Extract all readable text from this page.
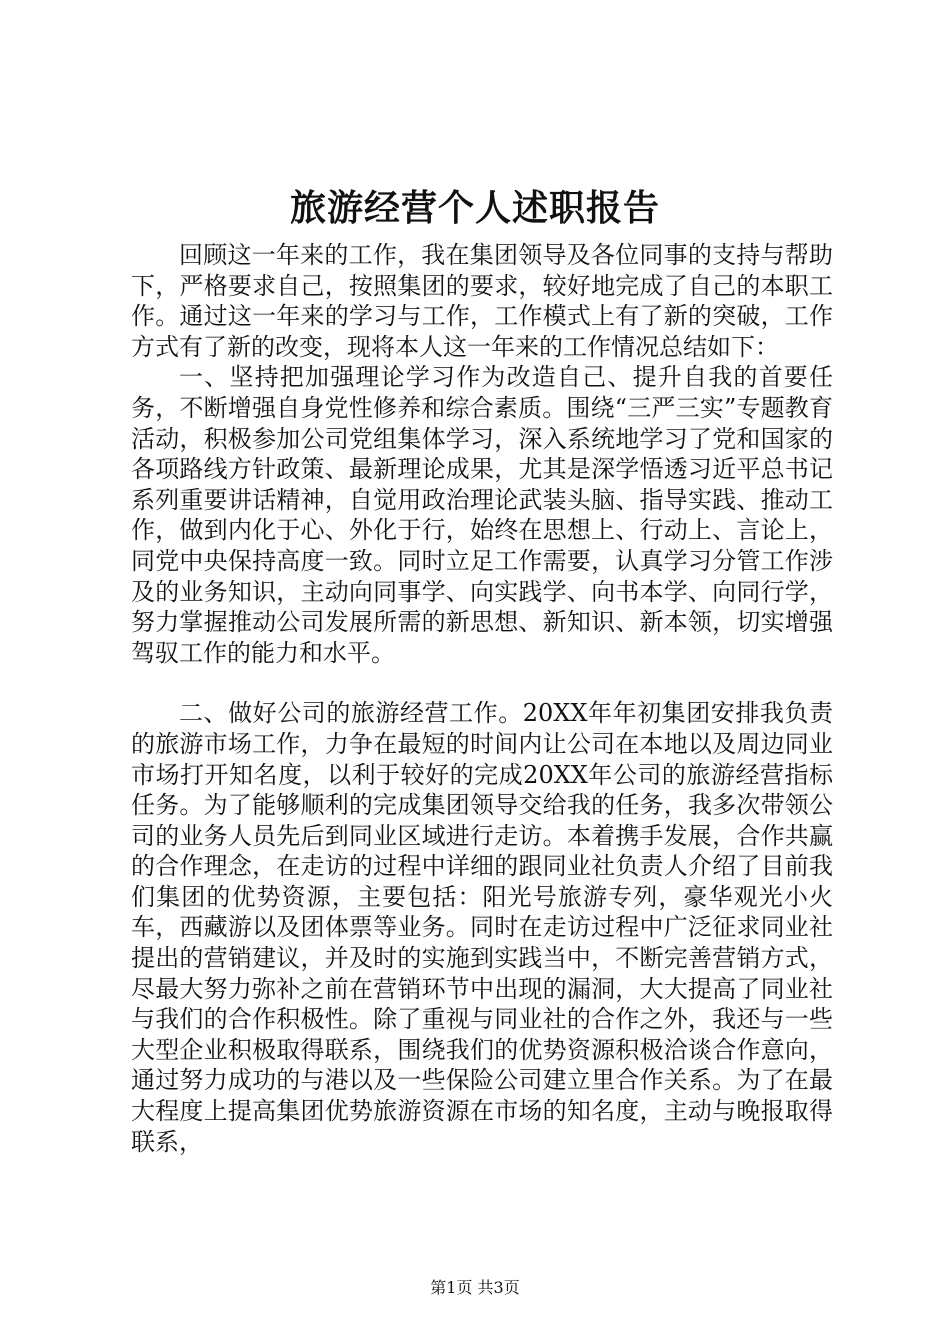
旅游经营个人述职报告

回顾这一年来的工作，我在集团领导及各位同事的支持与帮助下，严格要求自己，按照集团的要求，较好地完成了自己的本职工作。通过这一年来的学习与工作，工作模式上有了新的突破，工作方式有了新的改变，现将本人这一年来的工作情况总结如下：

一、坚持把加强理论学习作为改造自己、提升自我的首要任务，不断增强自身党性修养和综合素质。围绕“三严三实”专题教育活动，积极参加公司党组集体学习，深入系统地学习了党和国家的各项路线方针政策、最新理论成果，尤其是深学悟透习近平总书记系列重要讲话精神，自觉用政治理论武装头脑、指导实践、推动工作，做到内化于心、外化于行，始终在思想上、行动上、言论上，同党中央保持高度一致。同时立足工作需要，认真学习分管工作涉及的业务知识，主动向同事学、向实践学、向书本学、向同行学，努力掌握推动公司发展所需的新思想、新知识、新本领，切实增强驾驭工作的能力和水平。

二、做好公司的旅游经营工作。20XX年年初集团安排我负责的旅游市场工作，力争在最短的时间内让公司在本地以及周边同业市场打开知名度，以利于较好的完成20XX年公司的旅游经营指标任务。为了能够顺利的完成集团领导交给我的任务，我多次带领公司的业务人员先后到同业区域进行走访。本着携手发展，合作共赢的合作理念，在走访的过程中详细的跟同业社负责人介绍了目前我们集团的优势资源，主要包括：阳光号旅游专列，豪华观光小火车，西藏游以及团体票等业务。同时在走访过程中广泛征求同业社提出的营销建议，并及时的实施到实践当中，不断完善营销方式，尽最大努力弥补之前在营销环节中出现的漏洞，大大提高了同业社与我们的合作积极性。除了重视与同业社的合作之外，我还与一些大型企业积极取得联系，围绕我们的优势资源积极洽谈合作意向，通过努力成功的与港以及一些保险公司建立里合作关系。为了在最大程度上提高集团优势旅游资源在市场的知名度，主动与晚报取得联系，

第1页 共3页
